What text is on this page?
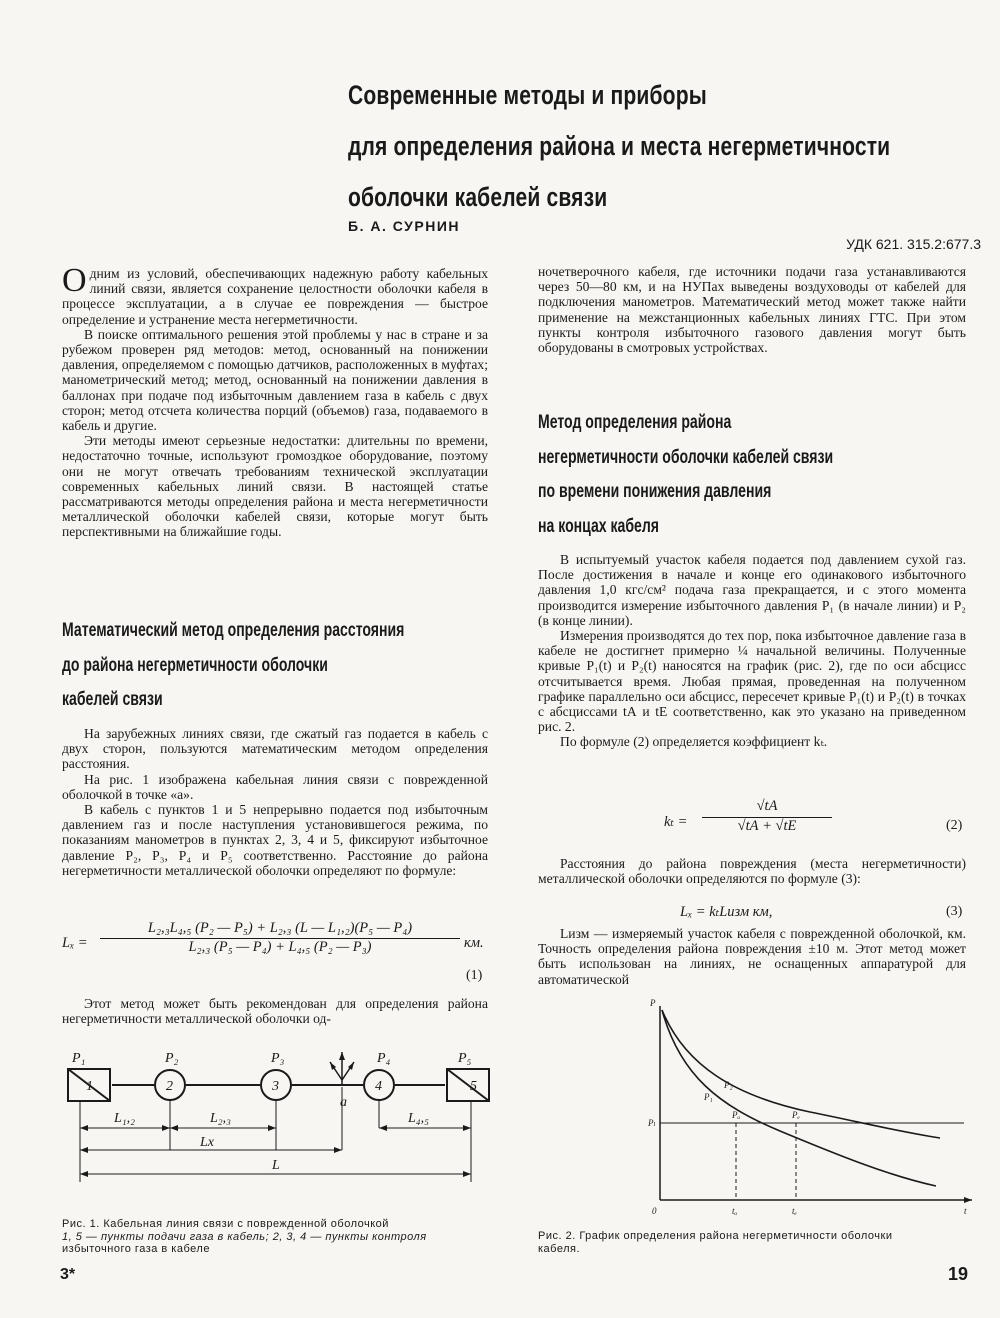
Современные методы и приборы
для определения района и места негерметичности
оболочки кабелей связи
Б. А. СУРНИН
УДК 621. 315.2:677.3

Одним из условий, обеспечивающих надежную работу кабельных линий связи, является сохранение целостности оболочки кабеля в процессе эксплуатации, а в случае ее повреждения — быстрое определение и устранение места негерметичности.

В поиске оптимального решения этой проблемы у нас в стране и за рубежом проверен ряд методов: метод, основанный на понижении давления, определяемом с помощью датчиков, расположенных в муфтах; манометрический метод; метод, основанный на понижении давления в баллонах при подаче под избыточным давлением газа в кабель с двух сторон; метод отсчета количества порций (объемов) газа, подаваемого в кабель и другие.

Эти методы имеют серьезные недостатки: длительны по времени, недостаточно точные, используют громоздкое оборудование, поэтому они не могут отвечать требованиям технической эксплуатации современных кабельных линий связи. В настоящей статье рассматриваются методы определения района и места негерметичности металлической оболочки кабелей связи, которые могут быть перспективными на ближайшие годы.

Математический метод определения расстояния
до района негерметичности оболочки
кабелей связи

На зарубежных линиях связи, где сжатый газ подается в кабель с двух сторон, пользуются математическим методом определения расстояния.

На рис. 1 изображена кабельная линия связи с поврежденной оболочкой в точке «а».

В кабель с пунктов 1 и 5 непрерывно подается под избыточным давлением газ и после наступления установившегося режима, по показаниям манометров в пунктах 2, 3, 4 и 5, фиксируют избыточное давление P₂, P₃, P₄ и P₅ соответственно. Расстояние до района негерметичности металлической оболочки определяют по формуле:

$L_x = \frac{\text{L₂,₃L₄,₅ (P₂ — P₅) + L₂,₃ (L — L₁,₂)(P₅ — P₄)}}{\text{L₂,₃ (P₅ — P₄) + L₄,₅ (P₂ — P₃)}}$ км.
(1)

Этот метод может быть рекомендован для определения района негерметичности металлической оболочки од-

P₁	P₂	P₃	P₄	P₅
1	2	3	4	5
a
L₁,₂	L₂,₃	L₄,₅
Lx
L
Рис. 1. Кабельная линия связи с поврежденной оболочкой
1, 5 — пункты подачи газа в кабель; 2, 3, 4 — пункты контроля
избыточного газа в кабеле

ночетверочного кабеля, где источники подачи газа устанавливаются через 50—80 км, и на НУПах выведены воздуховоды от кабелей для подключения манометров. Математический метод может также найти применение на межстанционных кабельных линиях ГТС. При этом пункты контроля избыточного газового давления могут быть оборудованы в смотровых устройствах.

Метод определения района
негерметичности оболочки кабелей связи
по времени понижения давления
на концах кабеля

В испытуемый участок кабеля подается под давлением сухой газ. После достижения в начале и конце его одинакового избыточного давления 1,0 кгс/см² подача газа прекращается, и с этого момента производится измерение избыточного давления P₁ (в начале линии) и P₂ (в конце линии).

Измерения производятся до тех пор, пока избыточное давление газа в кабеле не достигнет примерно ¼ начальной величины. Полученные кривые P₁(t) и P₂(t) наносятся на график (рис. 2), где по оси абсцисс отсчитывается время. Любая прямая, проведенная на полученном графике параллельно оси абсцисс, пересечет кривые P₁(t) и P₂(t) в точках с абсциссами tА и tЕ соответственно, как это указано на приведенном рис. 2.

По формуле (2) определяется коэффициент kₜ.

kₜ =
√tА
√tА + √tЕ	(2)

Расстояния до района повреждения (места негерметичности) металлической оболочки определяются по формуле (3):

Lₓ = kₜLизм км,	(3)

Lизм — измеряемый участок кабеля с поврежденной оболочкой, км. Точность определения района повреждения ±10 м. Этот метод может быть использован на линиях, не оснащенных аппаратурой для автоматической

P
P₁
P₂
Pₐ	Pₑ
Pₗ
0	tₐ	tₑ	t
Рис. 2. График определения района негерметичности оболочки
кабеля.
3*	19
